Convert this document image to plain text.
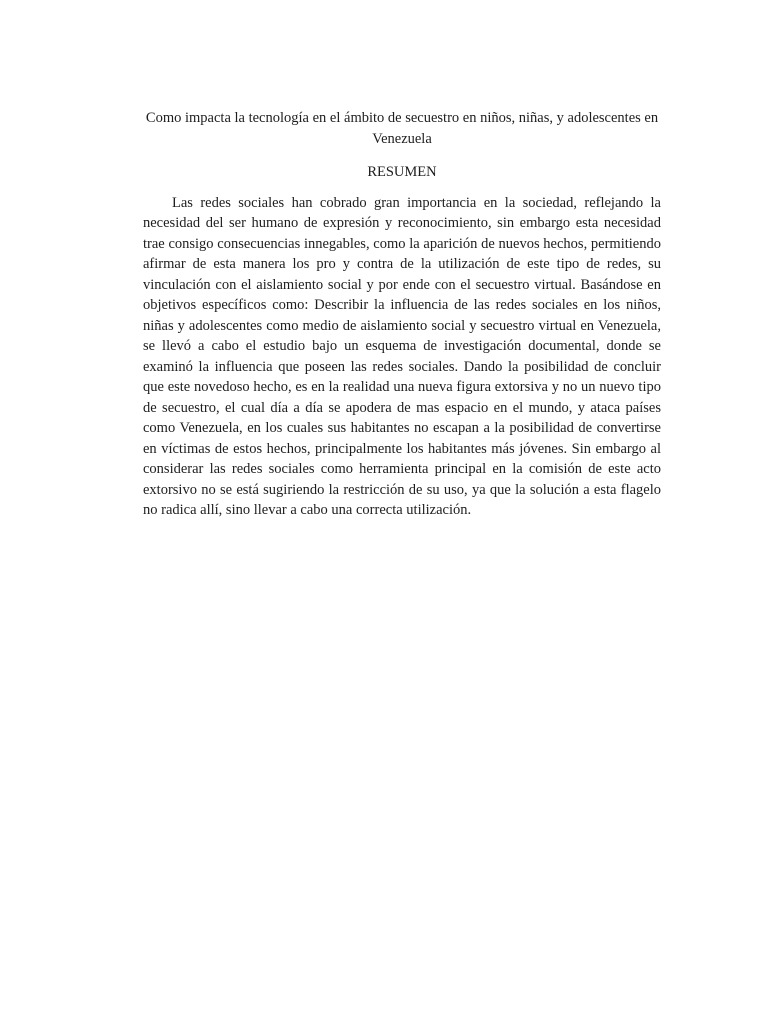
Como impacta la tecnología en el ámbito de secuestro en niños, niñas, y adolescentes en Venezuela

RESUMEN

Las redes sociales han cobrado gran importancia en la sociedad, reflejando la necesidad del ser humano de expresión y reconocimiento, sin embargo esta necesidad trae consigo consecuencias innegables, como la aparición de nuevos hechos, permitiendo afirmar de esta manera los pro y contra de la utilización de este tipo de redes, su vinculación con el aislamiento social y por ende con el secuestro virtual. Basándose en objetivos específicos como: Describir la influencia de las redes sociales en los niños, niñas y adolescentes como medio de aislamiento social y secuestro virtual en Venezuela, se llevó a cabo el estudio bajo un esquema de investigación documental, donde se examinó la influencia que poseen las redes sociales. Dando la posibilidad de concluir que este novedoso hecho, es en la realidad una nueva figura extorsiva y no un nuevo tipo de secuestro, el cual día a día se apodera de mas espacio en el mundo, y ataca países como Venezuela, en los cuales sus habitantes no escapan a la posibilidad de convertirse en víctimas de estos hechos, principalmente los habitantes más jóvenes. Sin embargo al considerar las redes sociales como herramienta principal en la comisión de este acto extorsivo no se está sugiriendo la restricción de su uso, ya que la solución a esta flagelo no radica allí, sino llevar a cabo una correcta utilización.
